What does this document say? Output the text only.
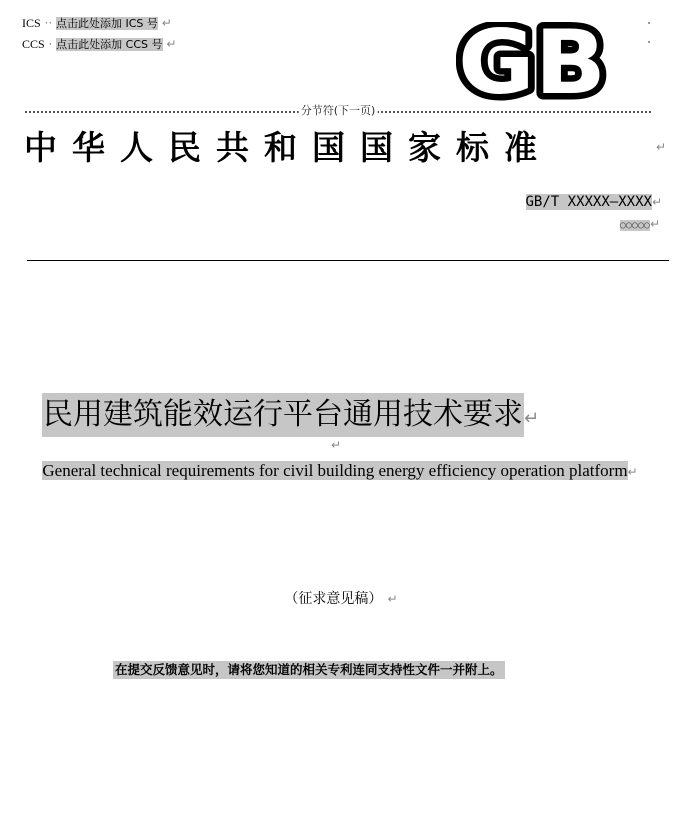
ICS ·· 点击此处添加 ICS 号 ↵
CCS · 点击此处添加 CCS 号 ↵	GB
分节符(下一页)
中华人民共和国国家标准	↵
GB/T XXXXX—XXXX↵
○○○○○↵
民用建筑能效运行平台通用技术要求↵
↵
General technical requirements for civil building energy efficiency operation platform↵
（征求意见稿） ↵
在提交反馈意见时，请将您知道的相关专利连同支持性文件一并附上。
